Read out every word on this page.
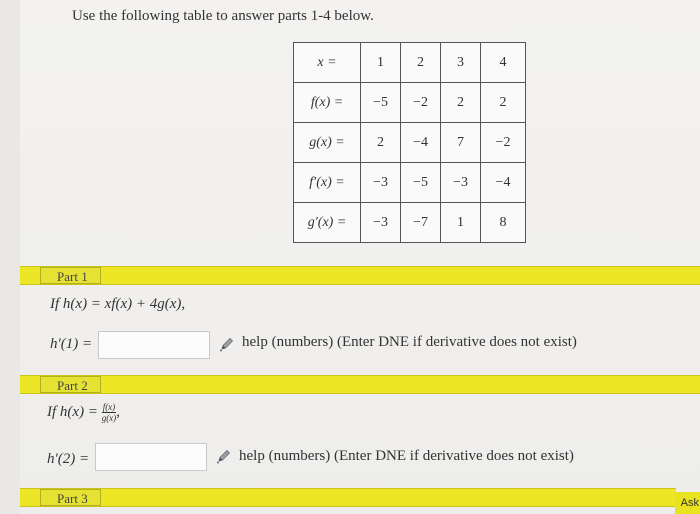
Use the following table to answer parts 1-4 below.
x =	1	2	3	4
f(x) =	−5	−2	2	2
g(x) =	2	−4	7	−2
f′(x) =	−3	−5	−3	−4
g′(x) =	−3	−7	1	8
Part 1
If h(x) = xf(x) + 4g(x),
h′(1) =	help (numbers) (Enter DNE if derivative does not exist)
Part 2
If $h(x) = \frac{f(x)}{g(x)}$,
h′(2) =	help (numbers) (Enter DNE if derivative does not exist)
Part 3	Ask
